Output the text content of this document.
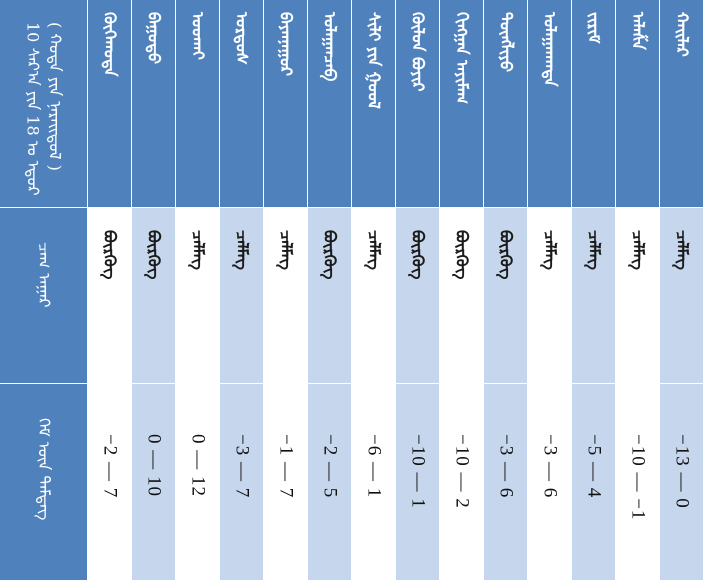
10 ᠰᠠᠷ᠎ᠠ ᠶᠢᠨ 18 ᠤ ᠡᠳᠦᠷ ( ᠬᠣᠲᠠ ᠶᠢᠨ ᠨᠡᠷᠡᠢᠳᠦᠯ )
ᠴᠠᠭ ᠠᠭᠠᠷ
ᠬᠡᠮ ᠦᠨ ᠳᠡᠮᠳᠡᠭ
ᠬᠥᠬᠡᠬᠣᠲᠠ
ᠪᠦᠷᠬᠦᠭ
−2 — 7
ᠪᠠᠭᠤᠲᠤ
ᠪᠦᠷᠬᠦᠭ
0 — 10
ᠤᠤᠬᠠᠢ
ᠴᠡᠯᠮᠡᠭ
0 — 12
ᠣᠷᠳᠤᠰ
ᠴᠡᠯᠮᠡᠭ
−3 — 7
ᠪᠠᠶᠠᠨᠨᠠᠭᠤᠷ
ᠴᠡᠯᠮᠡᠭ
−1 — 7
ᠤᠯᠠᠭᠠᠨᠴᠠᠪ
ᠪᠦᠷᠬᠦᠭ
−2 — 5
ᠰᠢᠯᠢ ᠶᠢᠨ ᠭᠣᠣᠯ
ᠴᠡᠯᠮᠡᠭ
−6 — 1
ᠬᠥᠯᠥᠨ ᠪᠤᠶᠢᠷ
ᠪᠦᠷᠬᠦᠭ
−10 — 1
ᠬᠢᠩᠭᠠᠨ ᠠᠶᠢᠮᠠᠭ
ᠪᠦᠷᠬᠦᠭ
−10 — 2
ᠲᠥᠩᠯᠢᠶᠣ
ᠪᠦᠷᠬᠦᠭ
−3 — 6
ᠤᠯᠠᠭᠠᠨᠬᠠᠳᠠ
ᠴᠡᠯᠮᠡᠭ
−3 — 6
ᠵᠢᠷᠢᠮ
ᠴᠡᠯᠮᠡᠭ
−5 — 4
ᠠᠯᠠᠱᠠ
ᠴᠡᠯᠮᠡᠭ
−10 — −1
ᠬᠠᠢᠯᠠᠷ
ᠴᠡᠯᠮᠡᠭ
−13 — 0
